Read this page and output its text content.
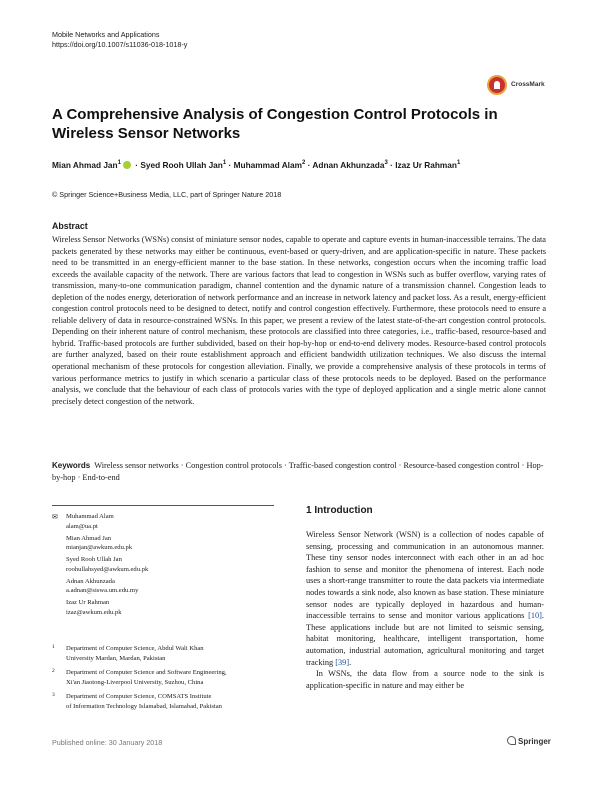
Mobile Networks and Applications
https://doi.org/10.1007/s11036-018-1018-y
CrossMark
A Comprehensive Analysis of Congestion Control Protocols in Wireless Sensor Networks
Mian Ahmad Jan$^1$ · Syed Rooh Ullah Jan$^1$ · Muhammad Alam$^2$ · Adnan Akhunzada$^3$ · Izaz Ur Rahman$^1$
© Springer Science+Business Media, LLC, part of Springer Nature 2018
Abstract
Wireless Sensor Networks (WSNs) consist of miniature sensor nodes, capable to operate and capture events in human-inaccessible terrains. The data packets generated by these networks may either be continuous, event-based or query-driven, and are application-specific in nature. These packets need to be transmitted in an energy-efficient manner to the base station. In these networks, congestion occurs when the incoming traffic load exceeds the available capacity of the network. There are various factors that lead to congestion in WSNs such as buffer overflow, varying rates of transmission, many-to-one communication paradigm, channel contention and the dynamic nature of a transmission channel. Congestion leads to depletion of the nodes energy, deterioration of network performance and an increase in network latency and packet loss. As a result, energy-efficient congestion control protocols need to be designed to detect, notify and control congestion effectively. Furthermore, these protocols need to ensure a reliable delivery of data in resource-constrained WSNs. In this paper, we present a review of the latest state-of-the-art congestion control protocols. Depending on their inherent nature of control mechanism, these protocols are classified into three categories, i.e., traffic-based, resource-based and hybrid. Traffic-based protocols are further subdivided, based on their hop-by-hop or end-to-end delivery modes. Resource-based control protocols are further analyzed, based on their route establishment approach and efficient bandwidth utilization techniques. We also discuss the internal operational mechanism of these protocols for congestion alleviation. Finally, we provide a comprehensive analysis of these protocols in terms of various performance metrics to justify in which scenario a particular class of these protocols needs to be deployed. Based on the performance analysis, we conclude that the behaviour of each class of protocols varies with the type of deployed application and a single metric alone cannot precisely detect congestion of the network.
Keywords Wireless sensor networks · Congestion control protocols · Traffic-based congestion control · Resource-based congestion control · Hop-by-hop · End-to-end
✉ Muhammad Alam
alam@ua.pt
Mian Ahmad Jan
mianjan@awkum.edu.pk
Syed Rooh Ullah Jan
roohullahsyed@awkum.edu.pk
Adnan Akhunzada
a.adnan@siswa.um.edu.my
Izaz Ur Rahman
izaz@awkum.edu.pk
1 Department of Computer Science, Abdul Wali Khan
University Mardan, Mardan, Pakistan
2 Department of Computer Science and Software Engineering,
Xi'an Jiaotong-Liverpool University, Suzhou, China
3 Department of Computer Science, COMSATS Institute
of Information Technology Islamabad, Islamabad, Pakistan
1 Introduction

Wireless Sensor Network (WSN) is a collection of nodes capable of sensing, processing and communication in an autonomous manner. These tiny sensor nodes interconnect with each other in an ad hoc fashion to sense and monitor the phenomena of interest. Each node uses a short-range transmitter to route the data packets via intermediate nodes towards a sink node, also known as base station. These miniature sensor nodes are typically deployed in hazardous and human-inaccessible terrains to sense and monitor various applications [10]. These applications include but are not limited to seismic sensing, habitat monitoring, healthcare, intelligent transportation, home automation, industrial automation, agricultural monitoring and target tracking [39].

In WSNs, the data flow from a source node to the sink is application-specific in nature and may either be

Published online: 30 January 2018	Springer
